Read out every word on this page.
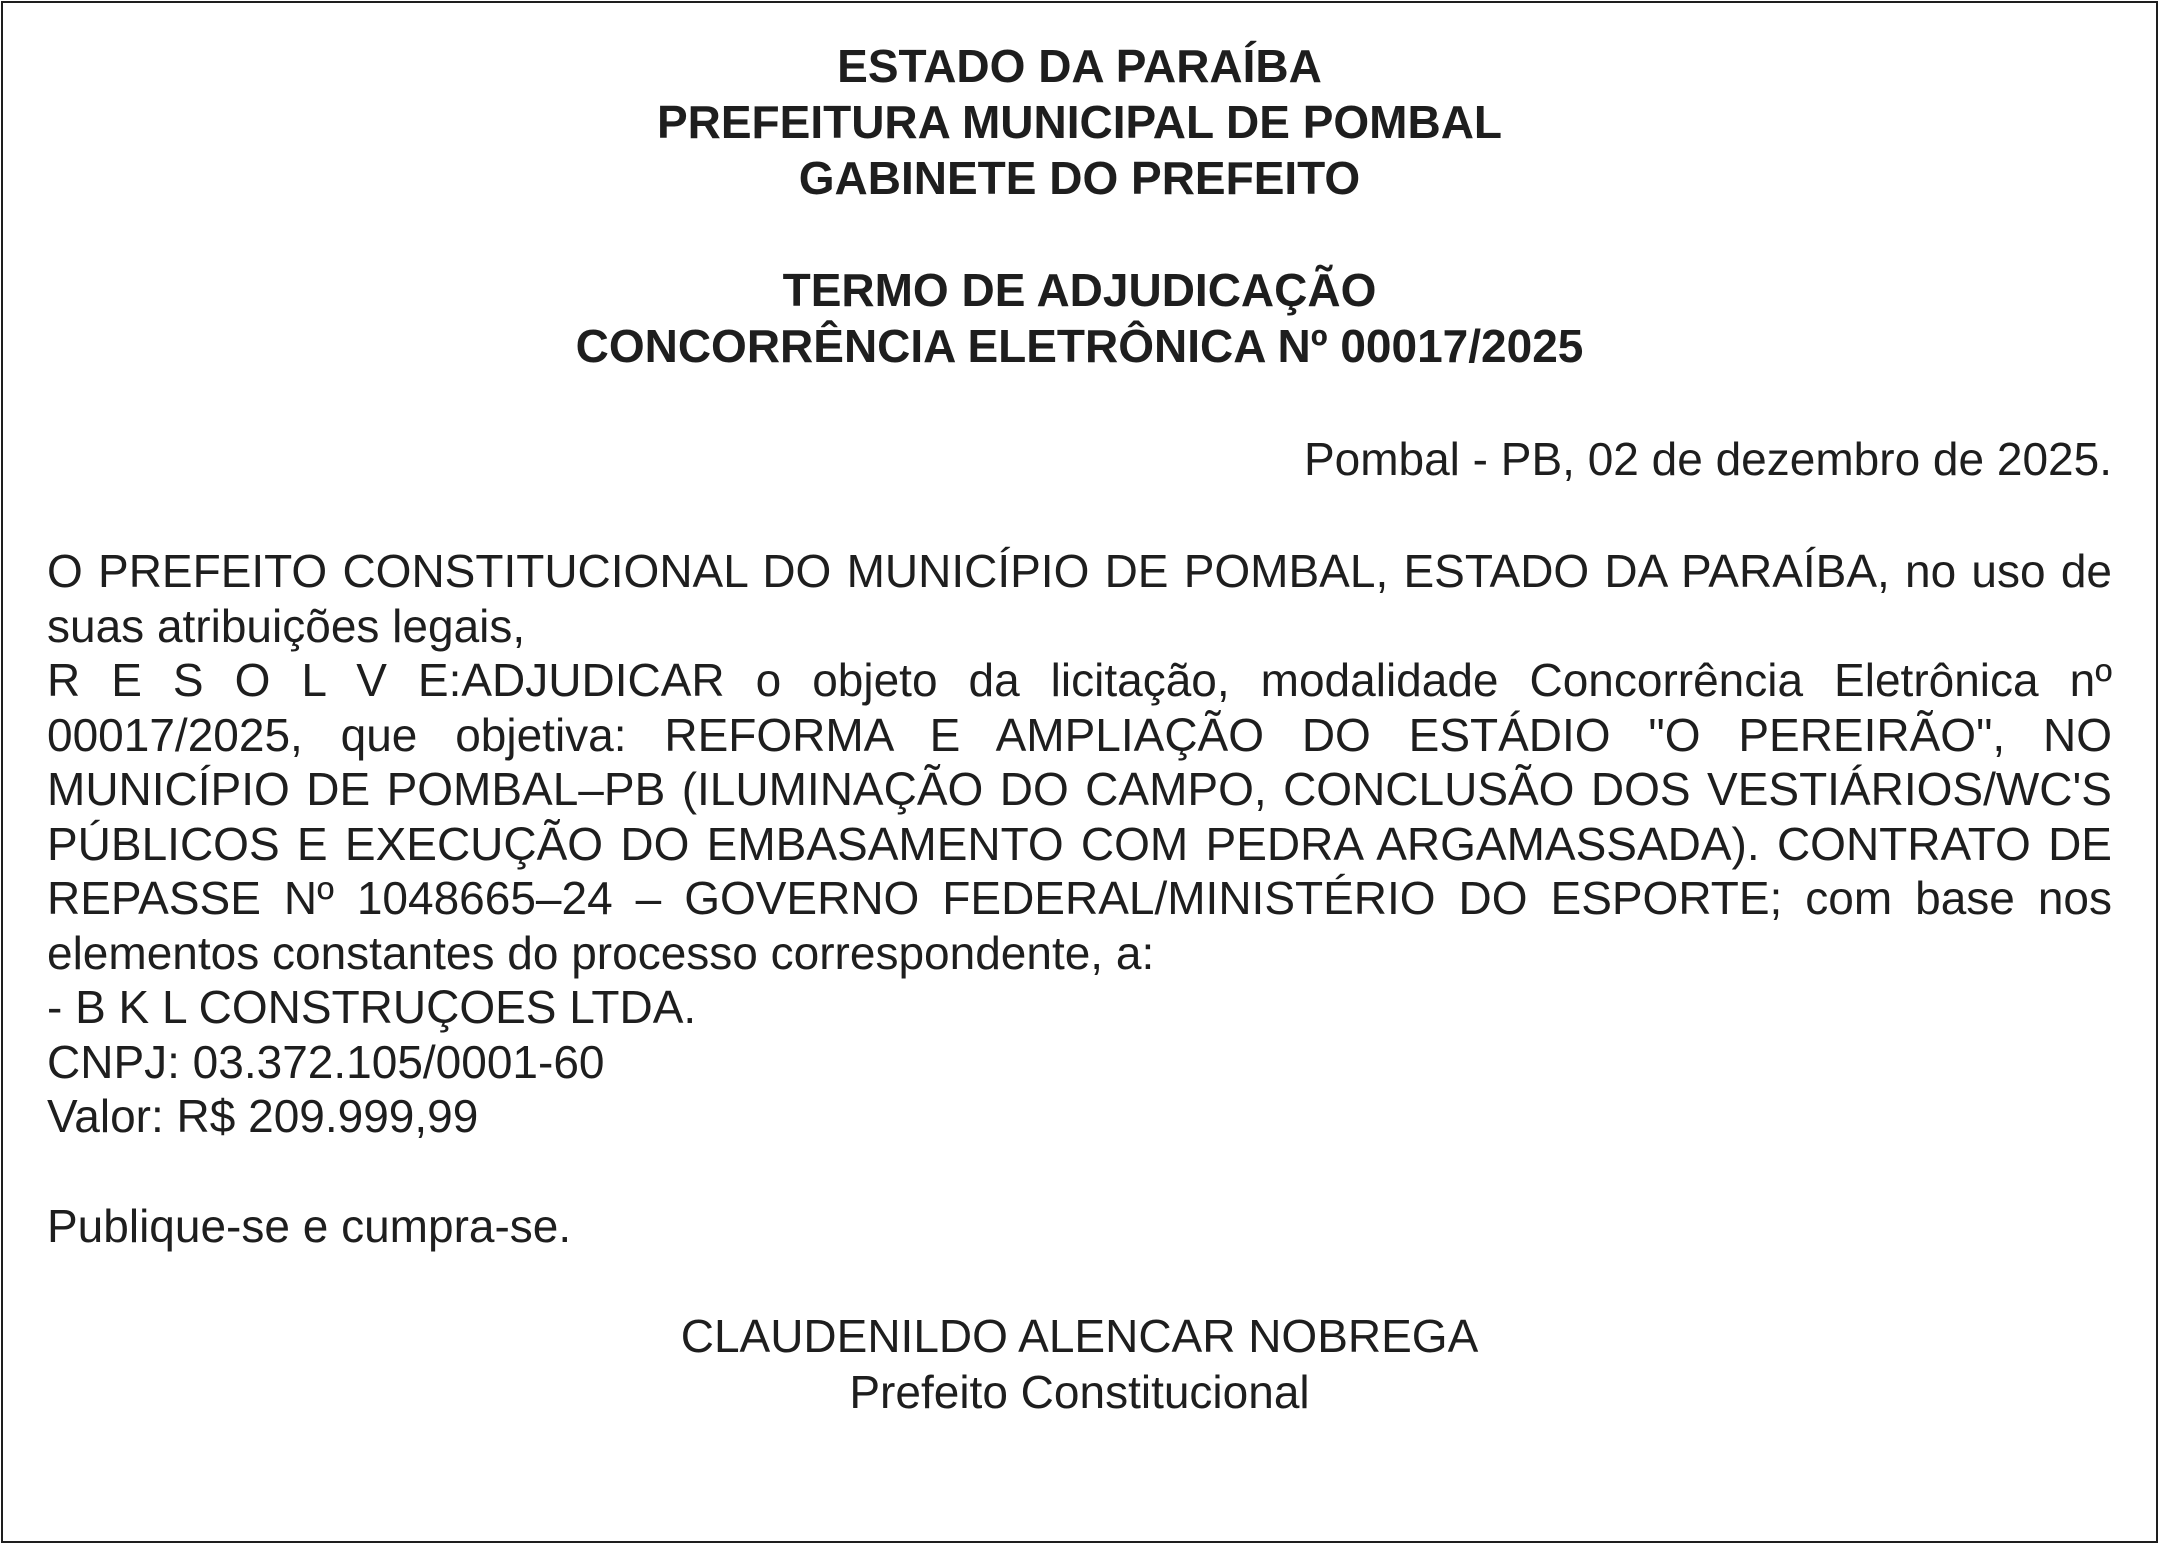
ESTADO DA PARAÍBA
PREFEITURA MUNICIPAL DE POMBAL
GABINETE DO PREFEITO
TERMO DE ADJUDICAÇÃO
CONCORRÊNCIA ELETRÔNICA Nº 00017/2025
Pombal - PB, 02 de dezembro de 2025.
O PREFEITO CONSTITUCIONAL DO MUNICÍPIO DE POMBAL, ESTADO DA PARAÍBA, no uso de suas atribuições legais,
R E S O L V E:ADJUDICAR o objeto da licitação, modalidade Concorrência Eletrônica nº 00017/2025, que objetiva: REFORMA E AMPLIAÇÃO DO ESTÁDIO "O PEREIRÃO", NO MUNICÍPIO DE POMBAL–PB (ILUMINAÇÃO DO CAMPO, CONCLUSÃO DOS VESTIÁRIOS/WC'S PÚBLICOS E EXECUÇÃO DO EMBASAMENTO COM PEDRA ARGAMASSADA). CONTRATO DE REPASSE Nº 1048665–24 – GOVERNO FEDERAL/MINISTÉRIO DO ESPORTE; com base nos elementos constantes do processo correspondente, a:
- B K L CONSTRUÇOES LTDA.
CNPJ: 03.372.105/0001-60
Valor: R$ 209.999,99
Publique-se e cumpra-se.
CLAUDENILDO ALENCAR NOBREGA
Prefeito Constitucional
